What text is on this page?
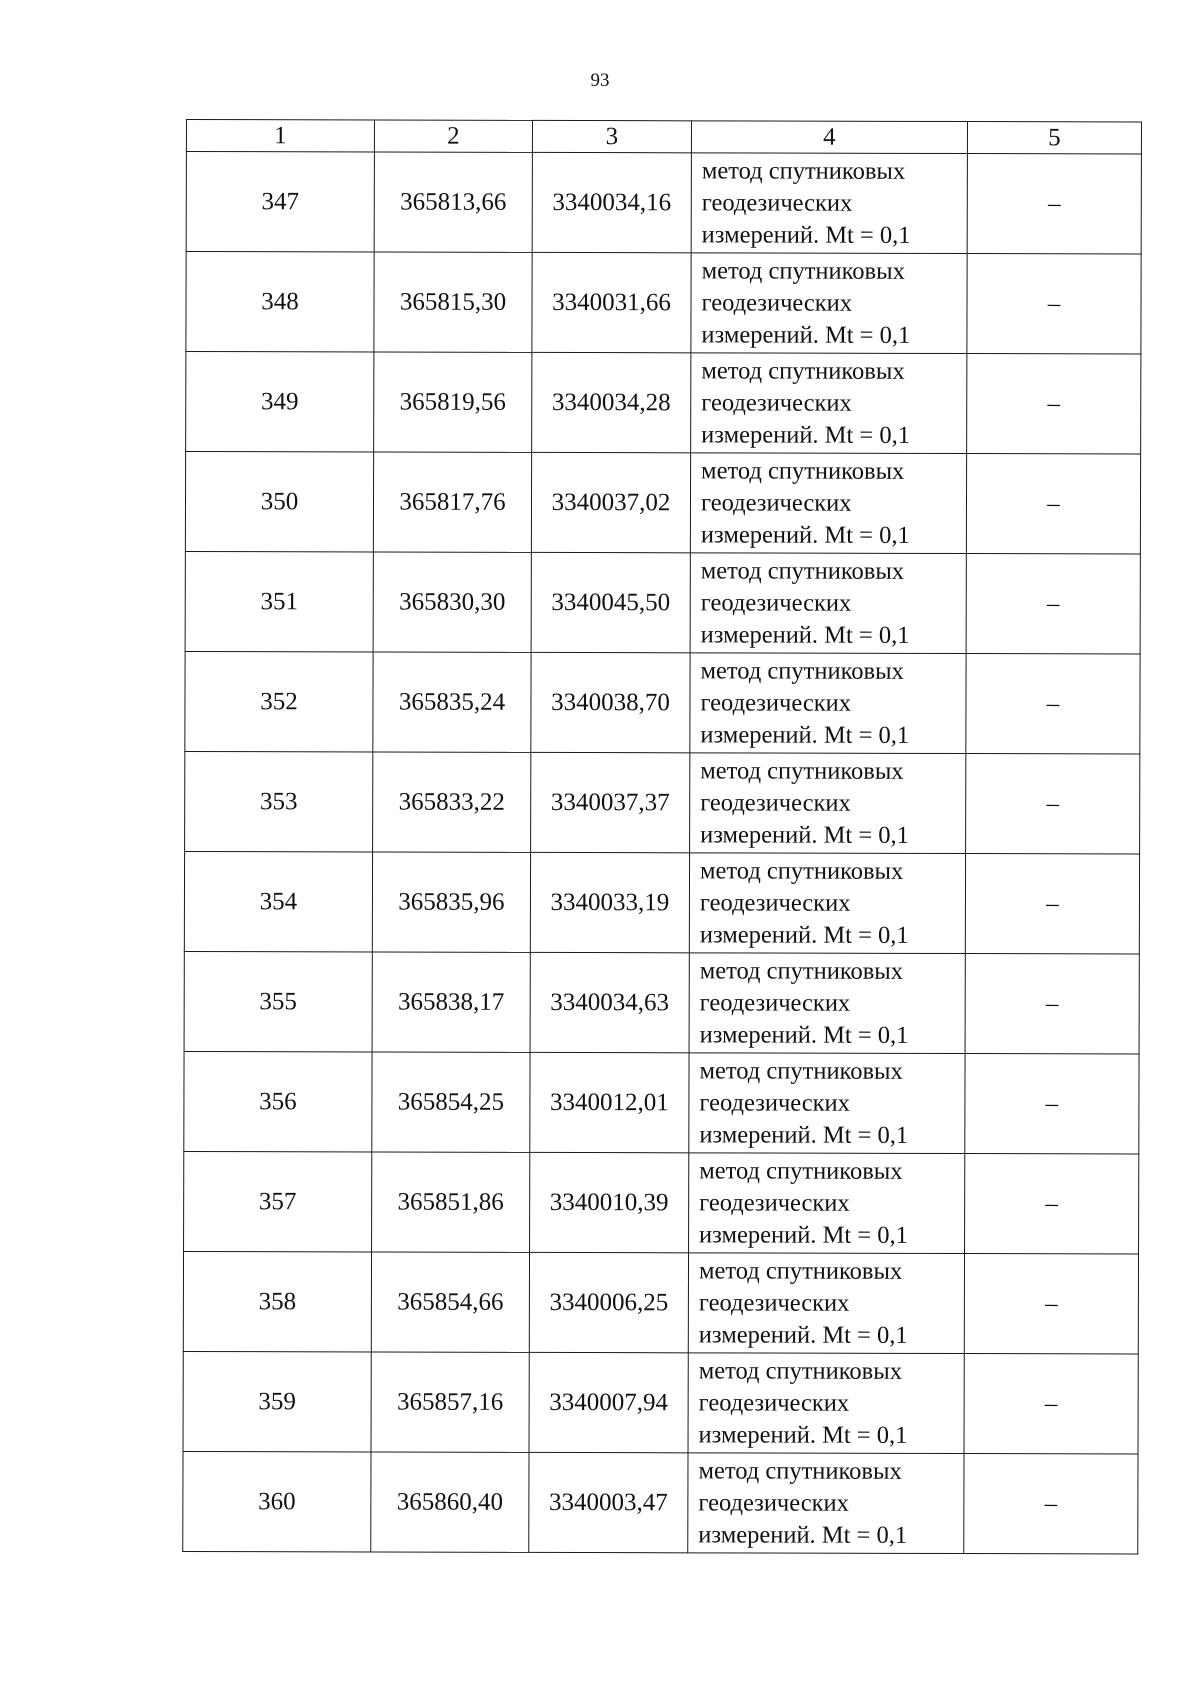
93
1	2	3	4	5
347	365813,66	3340034,16	метод спутниковых
геодезических
измерений. Mt = 0,1	–
348	365815,30	3340031,66	метод спутниковых
геодезических
измерений. Mt = 0,1	–
349	365819,56	3340034,28	метод спутниковых
геодезических
измерений. Mt = 0,1	–
350	365817,76	3340037,02	метод спутниковых
геодезических
измерений. Mt = 0,1	–
351	365830,30	3340045,50	метод спутниковых
геодезических
измерений. Mt = 0,1	–
352	365835,24	3340038,70	метод спутниковых
геодезических
измерений. Mt = 0,1	–
353	365833,22	3340037,37	метод спутниковых
геодезических
измерений. Mt = 0,1	–
354	365835,96	3340033,19	метод спутниковых
геодезических
измерений. Mt = 0,1	–
355	365838,17	3340034,63	метод спутниковых
геодезических
измерений. Mt = 0,1	–
356	365854,25	3340012,01	метод спутниковых
геодезических
измерений. Mt = 0,1	–
357	365851,86	3340010,39	метод спутниковых
геодезических
измерений. Mt = 0,1	–
358	365854,66	3340006,25	метод спутниковых
геодезических
измерений. Mt = 0,1	–
359	365857,16	3340007,94	метод спутниковых
геодезических
измерений. Mt = 0,1	–
360	365860,40	3340003,47	метод спутниковых
геодезических
измерений. Mt = 0,1	–
